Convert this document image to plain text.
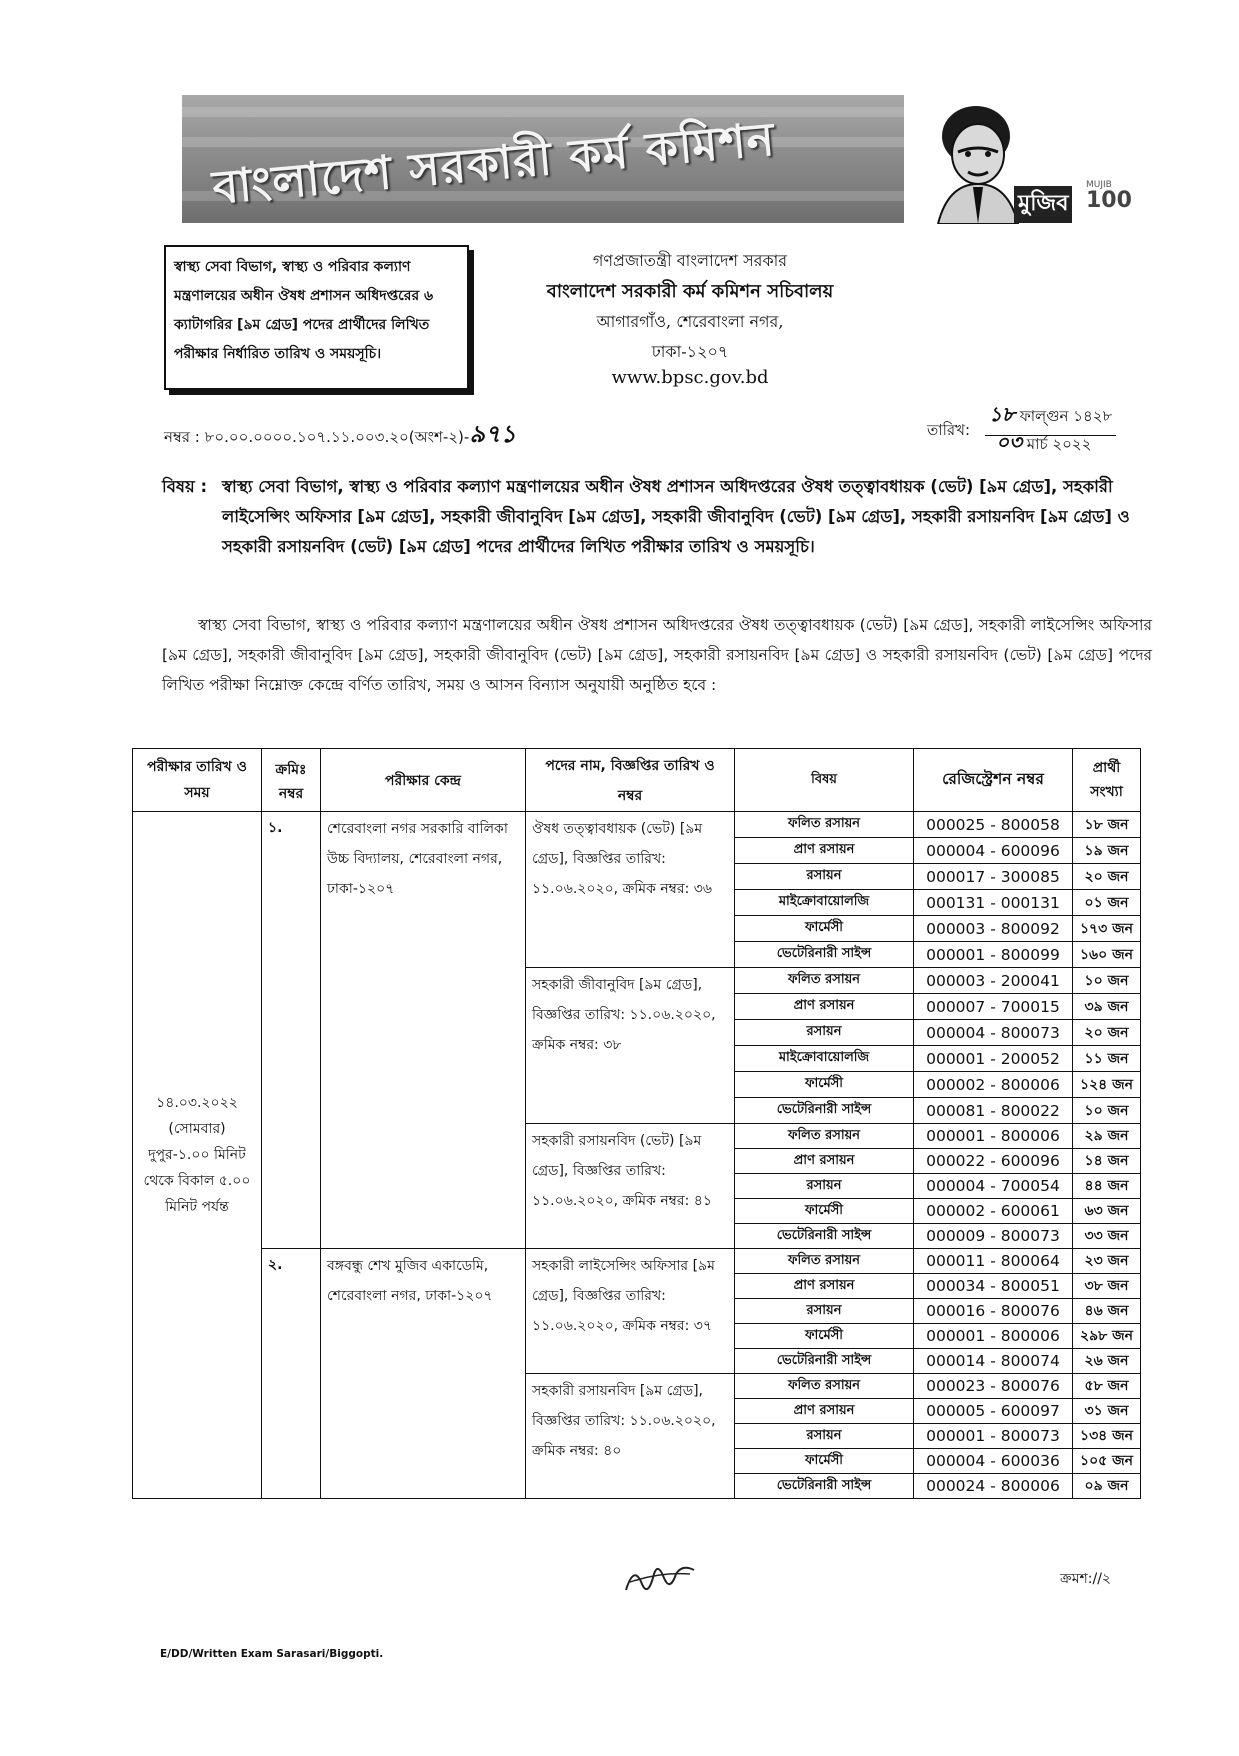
বাংলাদেশ সরকারী কর্ম কমিশন	মুজিব
MUJIB
100
স্বাস্থ্য সেবা বিভাগ, স্বাস্থ্য ও পরিবার কল্যাণ মন্ত্রণালয়ের অধীন ঔষধ প্রশাসন অধিদপ্তরের ৬ ক্যাটাগরির [৯ম গ্রেড] পদের প্রার্থীদের লিখিত পরীক্ষার নির্ধারিত তারিখ ও সময়সূচি।
গণপ্রজাতন্ত্রী বাংলাদেশ সরকার
বাংলাদেশ সরকারী কর্ম কমিশন সচিবালয়
আগারগাঁও, শেরেবাংলা নগর,
ঢাকা-১২০৭
www.bpsc.gov.bd
নম্বর : ৮০.০০.০০০০.১০৭.১১.০০৩.২০(অংশ-২)-৯৭১	তারিখ:
১৮ ফাল্গুন ১৪২৮
০৩ মার্চ ২০২২
বিষয় : স্বাস্থ্য সেবা বিভাগ, স্বাস্থ্য ও পরিবার কল্যাণ মন্ত্রণালয়ের অধীন ঔষধ প্রশাসন অধিদপ্তরের ঔষধ তত্ত্বাবধায়ক (ভেট) [৯ম গ্রেড], সহকারী লাইসেন্সিং অফিসার [৯ম গ্রেড], সহকারী জীবানুবিদ [৯ম গ্রেড], সহকারী জীবানুবিদ (ভেট) [৯ম গ্রেড], সহকারী রসায়নবিদ [৯ম গ্রেড] ও সহকারী রসায়নবিদ (ভেট) [৯ম গ্রেড] পদের প্রার্থীদের লিখিত পরীক্ষার তারিখ ও সময়সূচি।
স্বাস্থ্য সেবা বিভাগ, স্বাস্থ্য ও পরিবার কল্যাণ মন্ত্রণালয়ের অধীন ঔষধ প্রশাসন অধিদপ্তরের ঔষধ তত্ত্বাবধায়ক (ভেট) [৯ম গ্রেড], সহকারী লাইসেন্সিং অফিসার [৯ম গ্রেড], সহকারী জীবানুবিদ [৯ম গ্রেড], সহকারী জীবানুবিদ (ভেট) [৯ম গ্রেড], সহকারী রসায়নবিদ [৯ম গ্রেড] ও সহকারী রসায়নবিদ (ভেট) [৯ম গ্রেড] পদের লিখিত পরীক্ষা নিম্নোক্ত কেন্দ্রে বর্ণিত তারিখ, সময় ও আসন বিন্যাস অনুযায়ী অনুষ্ঠিত হবে :
পরীক্ষার তারিখ ও সময়	ক্রমিঃ নম্বর	পরীক্ষার কেন্দ্র	পদের নাম, বিজ্ঞপ্তির তারিখ ও নম্বর	বিষয়	রেজিস্ট্রেশন নম্বর	প্রার্থী সংখ্যা
১৪.০৩.২০২২ (সোমবার) দুপুর-১.০০ মিনিট থেকে বিকাল ৫.০০ মিনিট পর্যন্ত	১.	শেরেবাংলা নগর সরকারি বালিকা উচ্চ বিদ্যালয়, শেরেবাংলা নগর, ঢাকা-১২০৭	ঔষধ তত্ত্বাবধায়ক (ভেট) [৯ম গ্রেড], বিজ্ঞপ্তির তারিখ: ১১.০৬.২০২০, ক্রমিক নম্বর: ৩৬	ফলিত রসায়ন	000025 - 800058	১৮ জন
				প্রাণ রসায়ন	000004 - 600096	১৯ জন
				রসায়ন	000017 - 300085	২০ জন
				মাইক্রোবায়োলজি	000131 - 000131	০১ জন
				ফার্মেসী	000003 - 800092	১৭৩ জন
				ভেটেরিনারী সাইন্স	000001 - 800099	১৬০ জন
			সহকারী জীবানুবিদ [৯ম গ্রেড], বিজ্ঞপ্তির তারিখ: ১১.০৬.২০২০, ক্রমিক নম্বর: ৩৮	ফলিত রসায়ন	000003 - 200041	১০ জন
				প্রাণ রসায়ন	000007 - 700015	৩৯ জন
				রসায়ন	000004 - 800073	২০ জন
				মাইক্রোবায়োলজি	000001 - 200052	১১ জন
				ফার্মেসী	000002 - 800006	১২৪ জন
				ভেটেরিনারী সাইন্স	000081 - 800022	১০ জন
			সহকারী রসায়নবিদ (ভেট) [৯ম গ্রেড], বিজ্ঞপ্তির তারিখ: ১১.০৬.২০২০, ক্রমিক নম্বর: ৪১	ফলিত রসায়ন	000001 - 800006	২৯ জন
				প্রাণ রসায়ন	000022 - 600096	১৪ জন
				রসায়ন	000004 - 700054	৪৪ জন
				ফার্মেসী	000002 - 600061	৬৩ জন
				ভেটেরিনারী সাইন্স	000009 - 800073	৩৩ জন
	২.	বঙ্গবন্ধু শেখ মুজিব একাডেমি, শেরেবাংলা নগর, ঢাকা-১২০৭	সহকারী লাইসেন্সিং অফিসার [৯ম গ্রেড], বিজ্ঞপ্তির তারিখ: ১১.০৬.২০২০, ক্রমিক নম্বর: ৩৭	ফলিত রসায়ন	000011 - 800064	২৩ জন
				প্রাণ রসায়ন	000034 - 800051	৩৮ জন
				রসায়ন	000016 - 800076	৪৬ জন
				ফার্মেসী	000001 - 800006	২৯৮ জন
				ভেটেরিনারী সাইন্স	000014 - 800074	২৬ জন
			সহকারী রসায়নবিদ [৯ম গ্রেড], বিজ্ঞপ্তির তারিখ: ১১.০৬.২০২০, ক্রমিক নম্বর: ৪০	ফলিত রসায়ন	000023 - 800076	৫৮ জন
				প্রাণ রসায়ন	000005 - 600097	৩১ জন
				রসায়ন	000001 - 800073	১৩৪ জন
				ফার্মেসী	000004 - 600036	১০৫ জন
				ভেটেরিনারী সাইন্স	000024 - 800006	০৯ জন
ক্রমশ://২
E/DD/Written Exam Sarasari/Biggopti.
